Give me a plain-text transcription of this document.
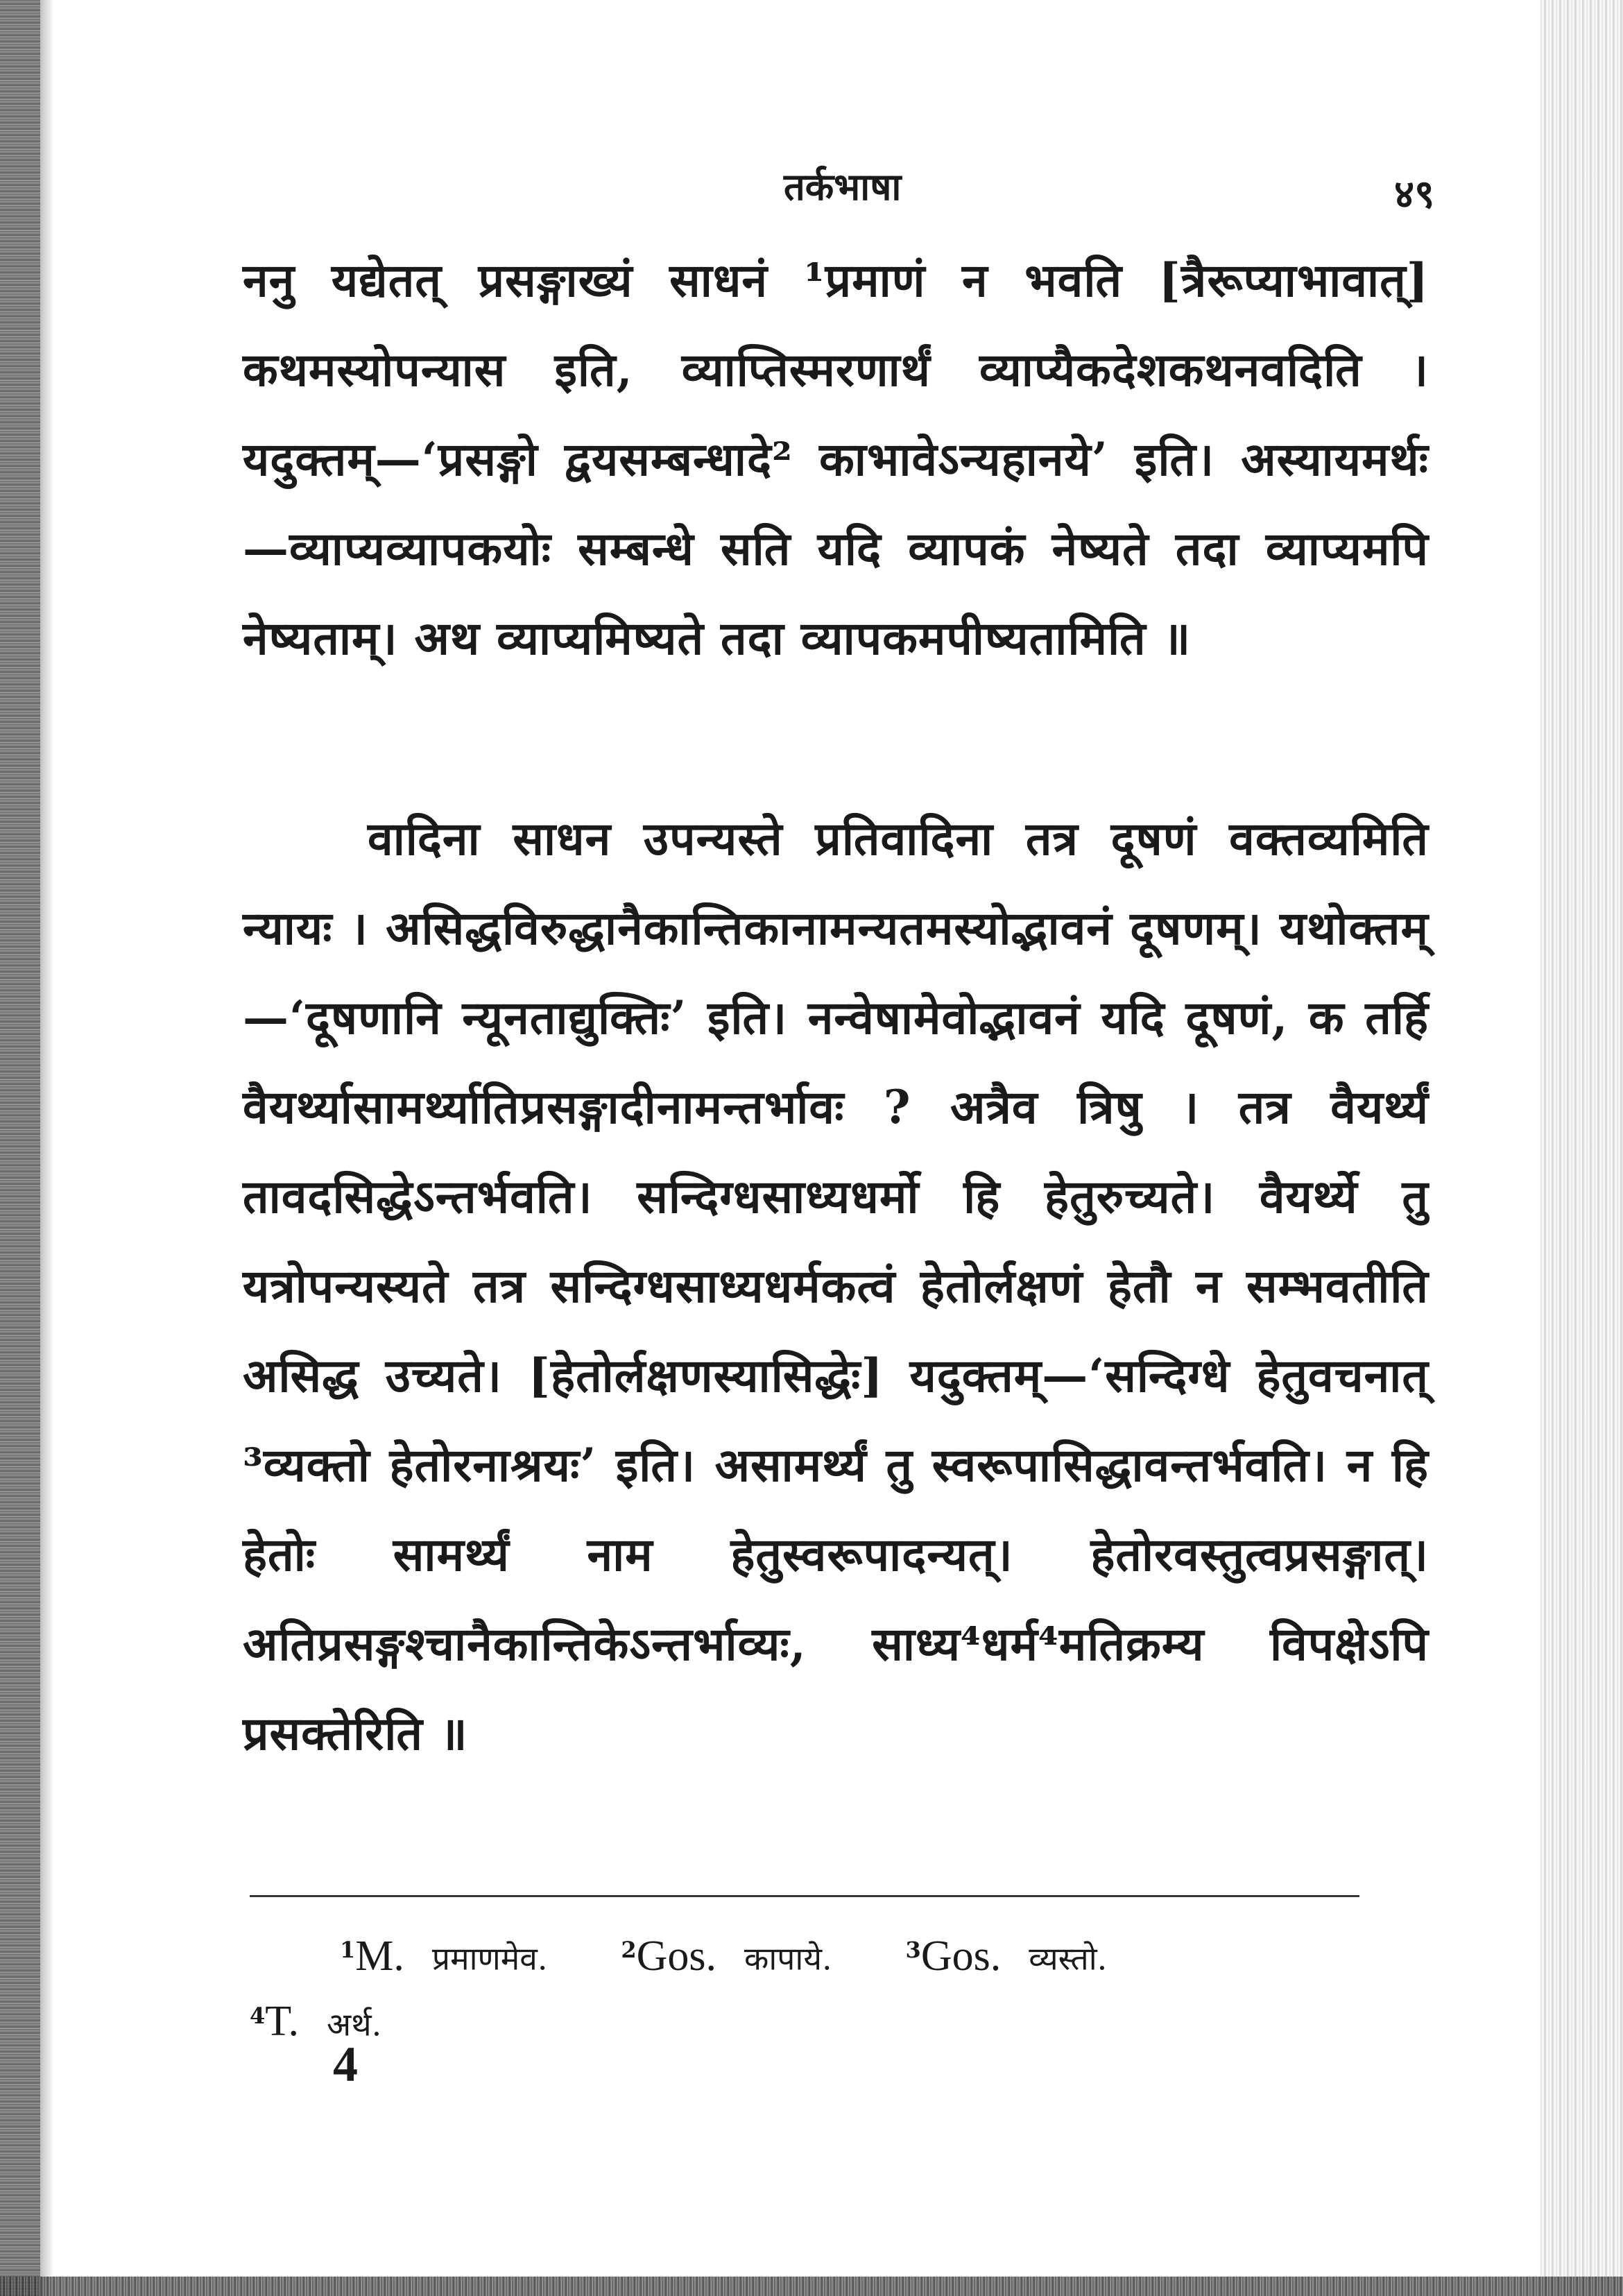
तर्कभाषा	४९

ननु यद्येतत् प्रसङ्गाख्यं साधनं ¹प्रमाणं न भवति [त्रैरूप्याभावात्] कथमस्योपन्यास इति, व्याप्तिस्मरणार्थं व्याप्यैकदेशकथनवदिति । यदुक्तम्—‘प्रसङ्गो द्वयसम्बन्धादे² काभावेऽन्यहानये’ इति। अस्यायमर्थः—व्याप्यव्यापकयोः सम्बन्धे सति यदि व्यापकं नेष्यते तदा व्याप्यमपि नेष्यताम्। अथ व्याप्यमिष्यते तदा व्यापकमपीष्यतामिति ॥

वादिना साधन उपन्यस्ते प्रतिवादिना तत्र दूषणं वक्तव्यमिति न्यायः । असिद्धविरुद्धानैकान्तिकानामन्यतमस्योद्भावनं दूषणम्। यथोक्तम्—‘दूषणानि न्यूनताद्युक्तिः’ इति। नन्वेषामेवोद्भावनं यदि दूषणं, क तर्हि वैयर्थ्यासामर्थ्यातिप्रसङ्गादीनामन्तर्भावः ? अत्रैव त्रिषु । तत्र वैयर्थ्यं तावदसिद्धेऽन्तर्भवति। सन्दिग्धसाध्यधर्मो हि हेतुरुच्यते। वैयर्थ्ये तु यत्रोपन्यस्यते तत्र सन्दिग्धसाध्यधर्मकत्वं हेतोर्लक्षणं हेतौ न सम्भवतीति असिद्ध उच्यते। [हेतोर्लक्षणस्यासिद्धेः] यदुक्तम्—‘सन्दिग्धे हेतुवचनात् ³व्यक्तो हेतोरनाश्रयः’ इति। असामर्थ्यं तु स्वरूपासिद्धावन्तर्भवति। न हि हेतोः सामर्थ्यं नाम हेतुस्वरूपादन्यत्। हेतोरवस्तुत्वप्रसङ्गात्। अतिप्रसङ्गश्चानैकान्तिकेऽन्तर्भाव्यः, साध्य⁴धर्म⁴मतिक्रम्य विपक्षेऽपि प्रसक्तेरिति ॥

$^1$M. प्रमाणमेव.	$^2$Gos. कापाये.	$^3$Gos. व्यस्तो.
$^4$T. अर्थ.
4
